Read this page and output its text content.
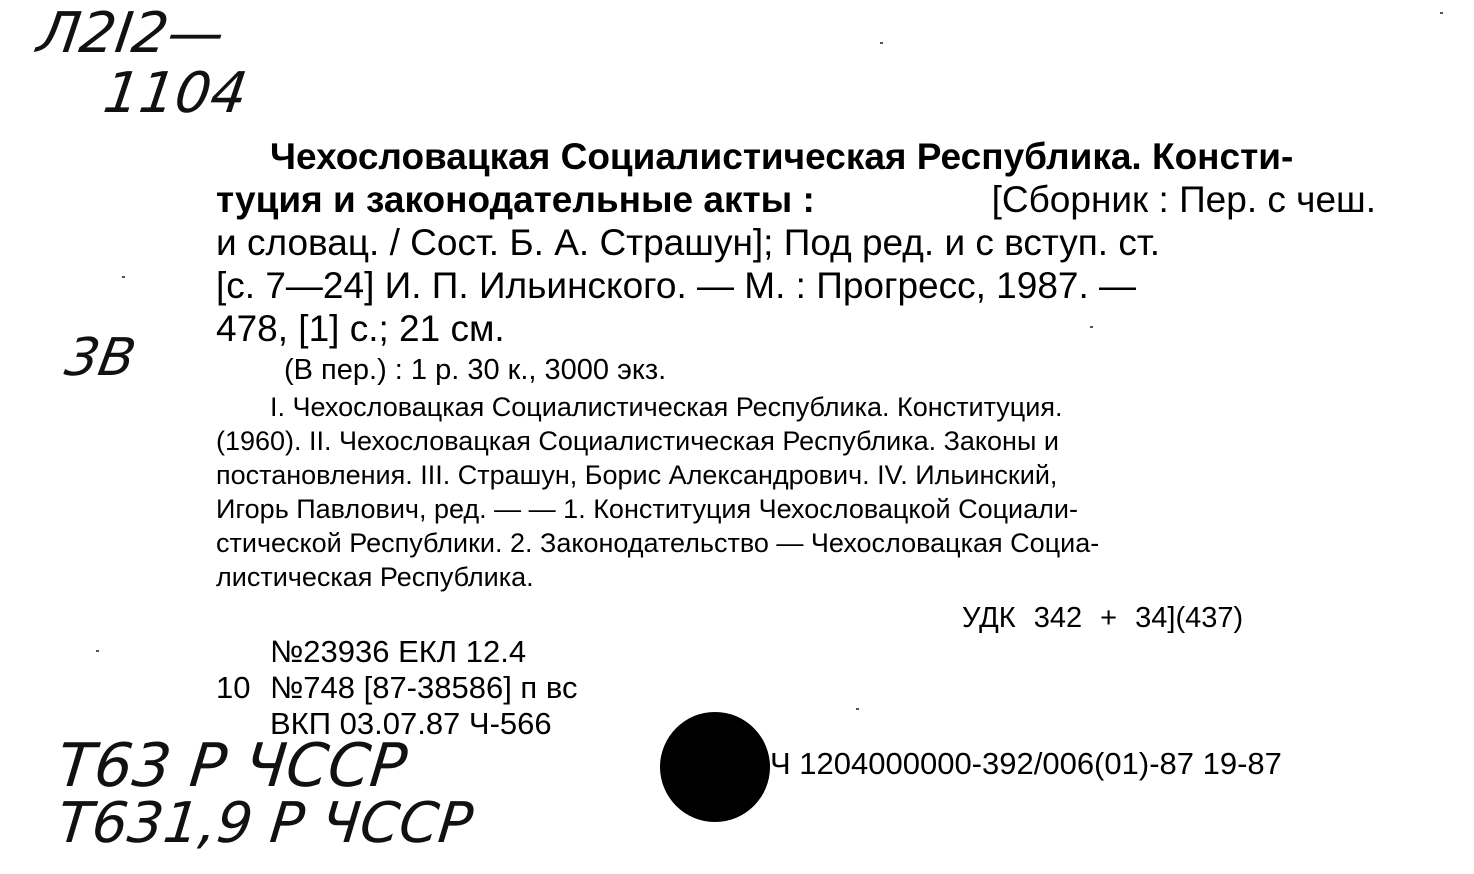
Л2І2—
1104
3В
Т63 Р ЧССР
Т631,9 Р ЧССР
Чехословацкая Социалистическая Республика. Консти-
туция и законодательные акты :	[Сборник : Пер. с чеш.
и словац. / Сост. Б. А. Страшун]; Под ред. и с вступ. ст.
[с. 7—24] И. П. Ильинского. — М. : Прогресс, 1987. —
478, [1] с.; 21 см.
(В пер.) : 1 р. 30 к., 3000 экз.
I. Чехословацкая Социалистическая Республика. Конституция.
(1960). II. Чехословацкая Социалистическая Республика. Законы и
постановления. III. Страшун, Борис Александрович. IV. Ильинский,
Игорь Павлович, ред. — — 1. Конституция Чехословацкой Социали-
стической Республики. 2. Законодательство — Чехословацкая Социа-
листическая Республика.
УДК 342 + 34](437)
№23936 ЕКЛ 12.4
10 №748 [87-38586] п вс
ВКП 03.07.87 Ч-566
Ч 1204000000-392/006(01)-87 19-87
